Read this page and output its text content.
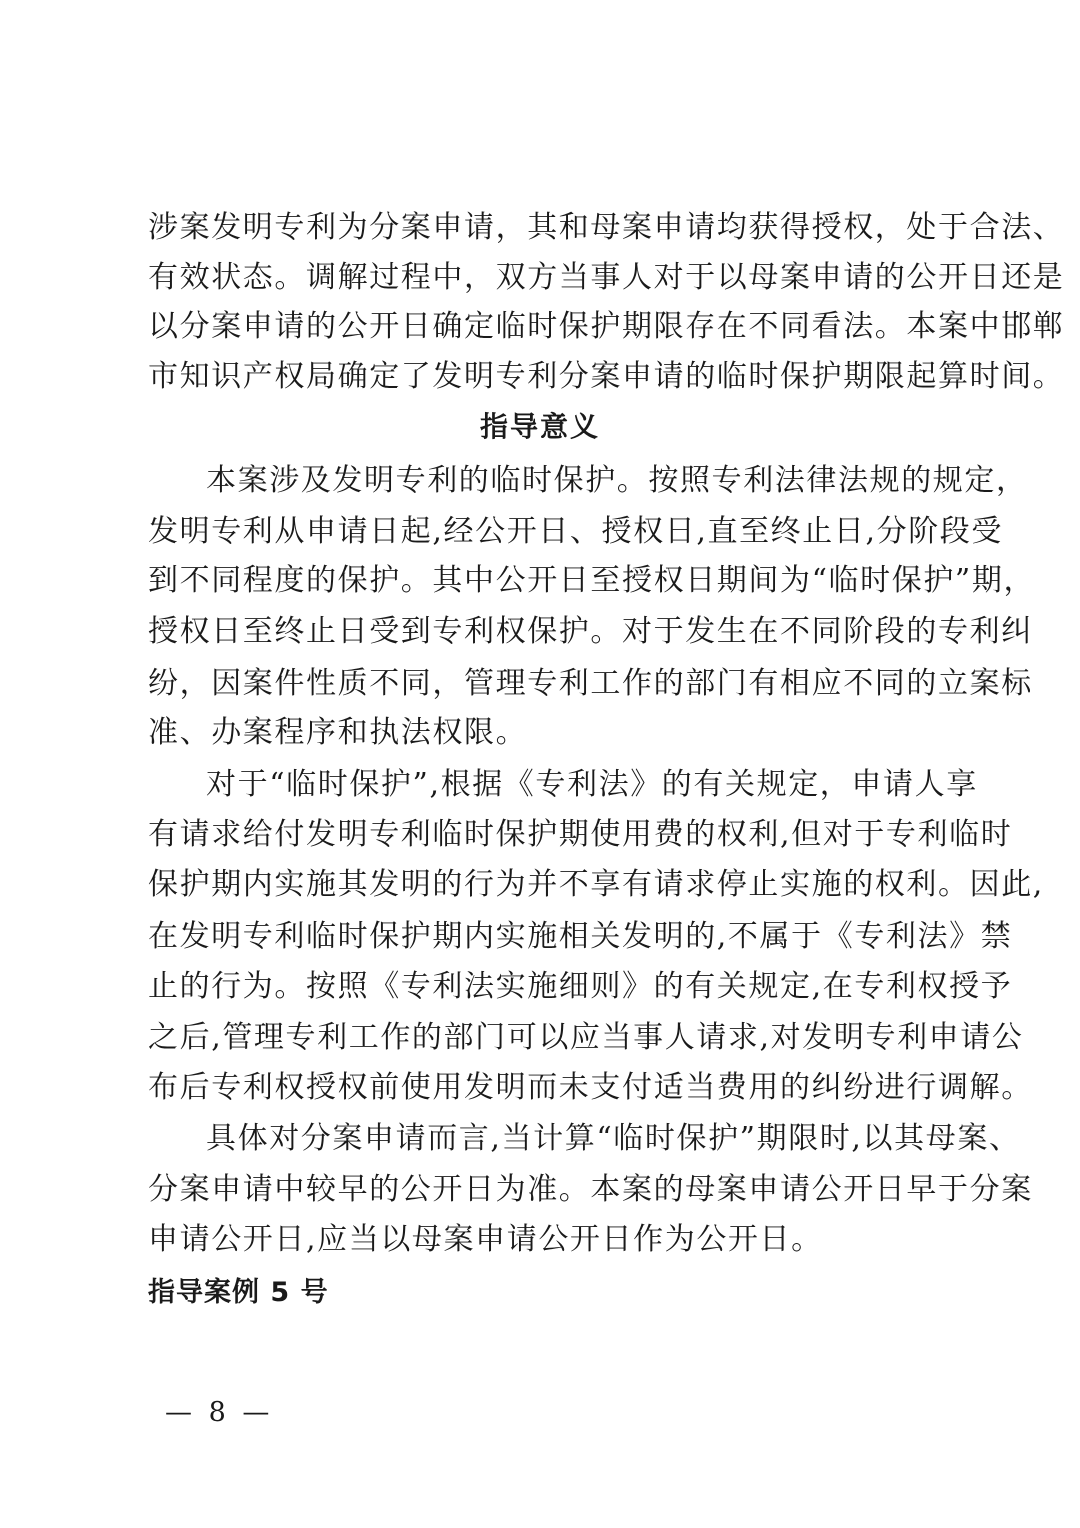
涉案发明专利为分案申请，其和母案申请均获得授权，处于合法、
有效状态。调解过程中，双方当事人对于以母案申请的公开日还是
以分案申请的公开日确定临时保护期限存在不同看法。本案中邯郸
市知识产权局确定了发明专利分案申请的临时保护期限起算时间。
指导意义
本案涉及发明专利的临时保护。按照专利法律法规的规定，
发明专利从申请日起,经公开日、授权日,直至终止日,分阶段受
到不同程度的保护。其中公开日至授权日期间为“临时保护”期，
授权日至终止日受到专利权保护。对于发生在不同阶段的专利纠
纷，因案件性质不同，管理专利工作的部门有相应不同的立案标
准、办案程序和执法权限。
对于“临时保护”,根据《专利法》的有关规定，申请人享
有请求给付发明专利临时保护期使用费的权利,但对于专利临时
保护期内实施其发明的行为并不享有请求停止实施的权利。因此,
在发明专利临时保护期内实施相关发明的,不属于《专利法》禁
止的行为。按照《专利法实施细则》的有关规定,在专利权授予
之后,管理专利工作的部门可以应当事人请求,对发明专利申请公
布后专利权授权前使用发明而未支付适当费用的纠纷进行调解。
具体对分案申请而言,当计算“临时保护”期限时,以其母案、
分案申请中较早的公开日为准。本案的母案申请公开日早于分案
申请公开日,应当以母案申请公开日作为公开日。
指导案例 5 号
— 8 —
